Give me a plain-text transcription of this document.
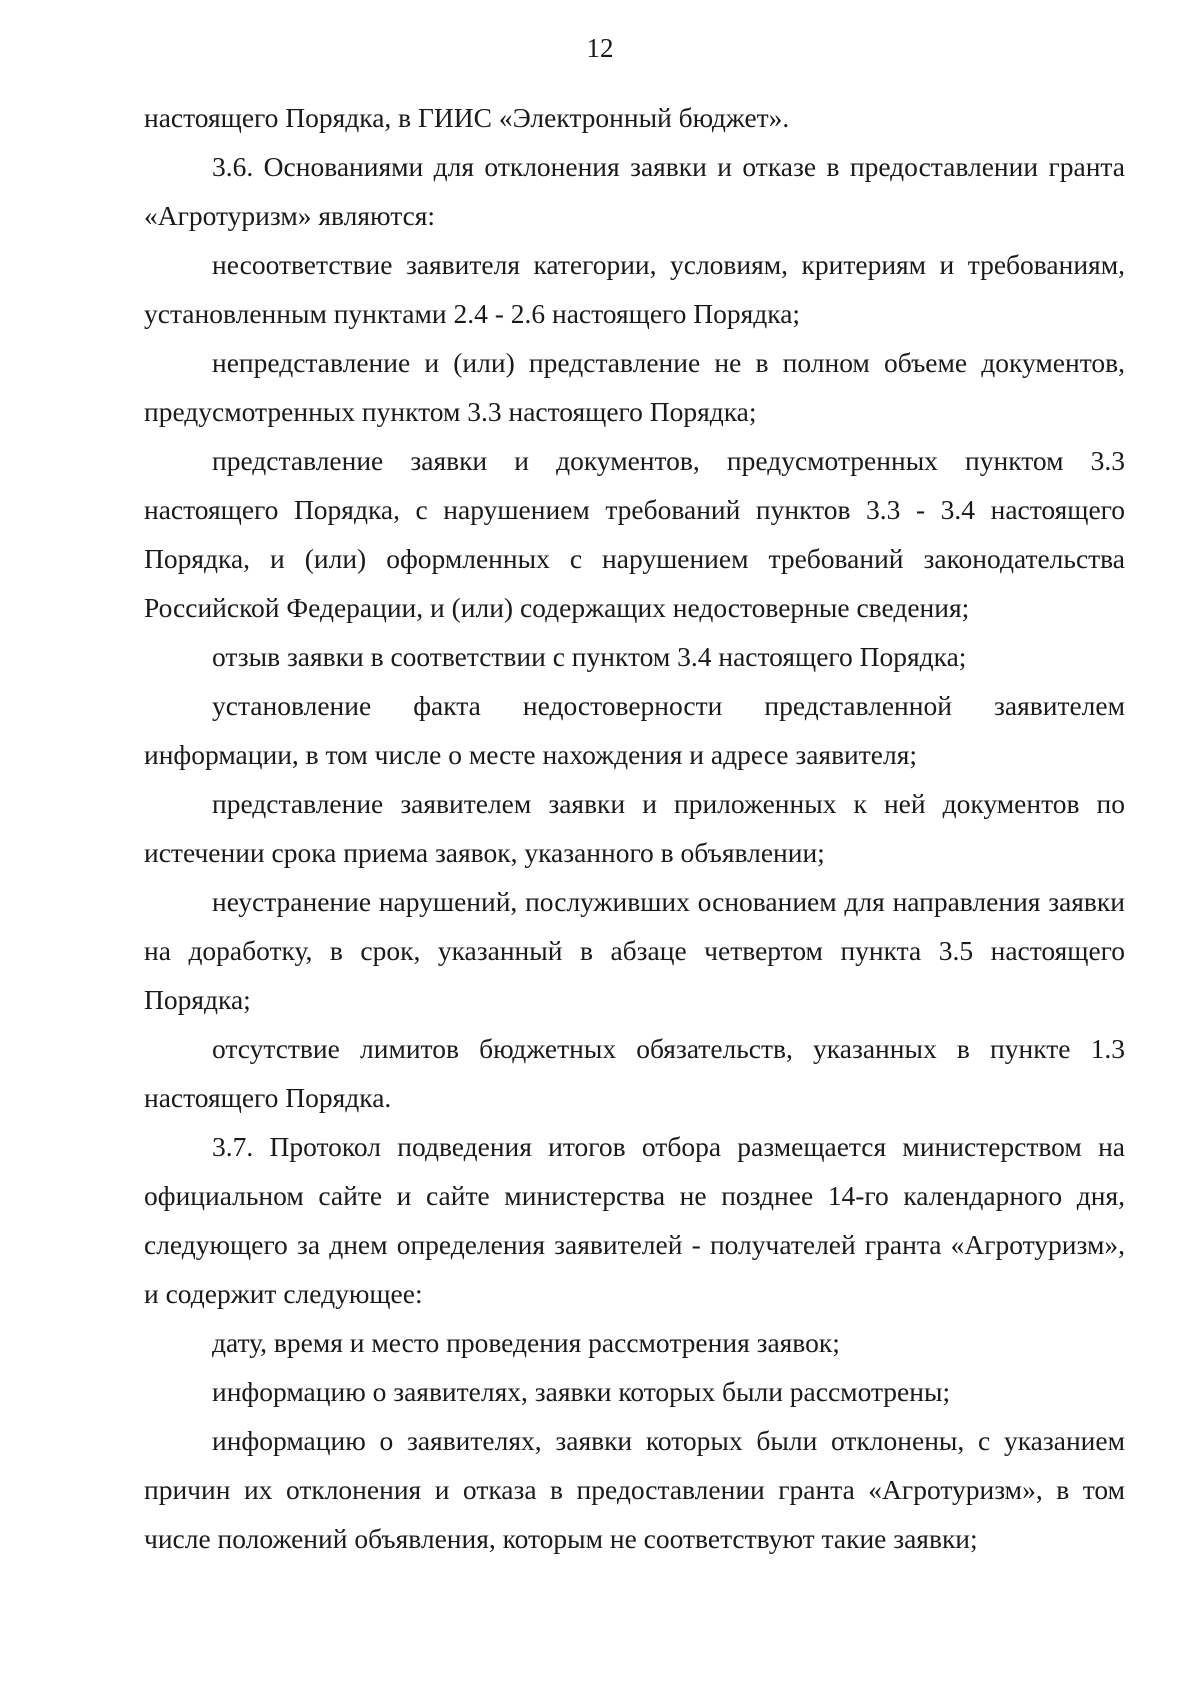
12

настоящего Порядка, в ГИИС «Электронный бюджет».

3.6. Основаниями для отклонения заявки и отказе в предоставлении гранта «Агротуризм» являются:

несоответствие заявителя категории, условиям, критериям и требованиям, установленным пунктами 2.4 - 2.6 настоящего Порядка;

непредставление и (или) представление не в полном объеме документов, предусмотренных пунктом 3.3 настоящего Порядка;

представление заявки и документов, предусмотренных пунктом 3.3 настоящего Порядка, с нарушением требований пунктов 3.3 - 3.4 настоящего Порядка, и (или) оформленных с нарушением требований законодательства Российской Федерации, и (или) содержащих недостоверные сведения;

отзыв заявки в соответствии с пунктом 3.4 настоящего Порядка;

установление факта недостоверности представленной заявителем информации, в том числе о месте нахождения и адресе заявителя;

представление заявителем заявки и приложенных к ней документов по истечении срока приема заявок, указанного в объявлении;

неустранение нарушений, послуживших основанием для направления заявки на доработку, в срок, указанный в абзаце четвертом пункта 3.5 настоящего Порядка;

отсутствие лимитов бюджетных обязательств, указанных в пункте 1.3 настоящего Порядка.

3.7. Протокол подведения итогов отбора размещается министерством на официальном сайте и сайте министерства не позднее 14-го календарного дня, следующего за днем определения заявителей - получателей гранта «Агротуризм», и содержит следующее:

дату, время и место проведения рассмотрения заявок;

информацию о заявителях, заявки которых были рассмотрены;

информацию о заявителях, заявки которых были отклонены, с указанием причин их отклонения и отказа в предоставлении гранта «Агротуризм», в том числе положений объявления, которым не соответствуют такие заявки;
